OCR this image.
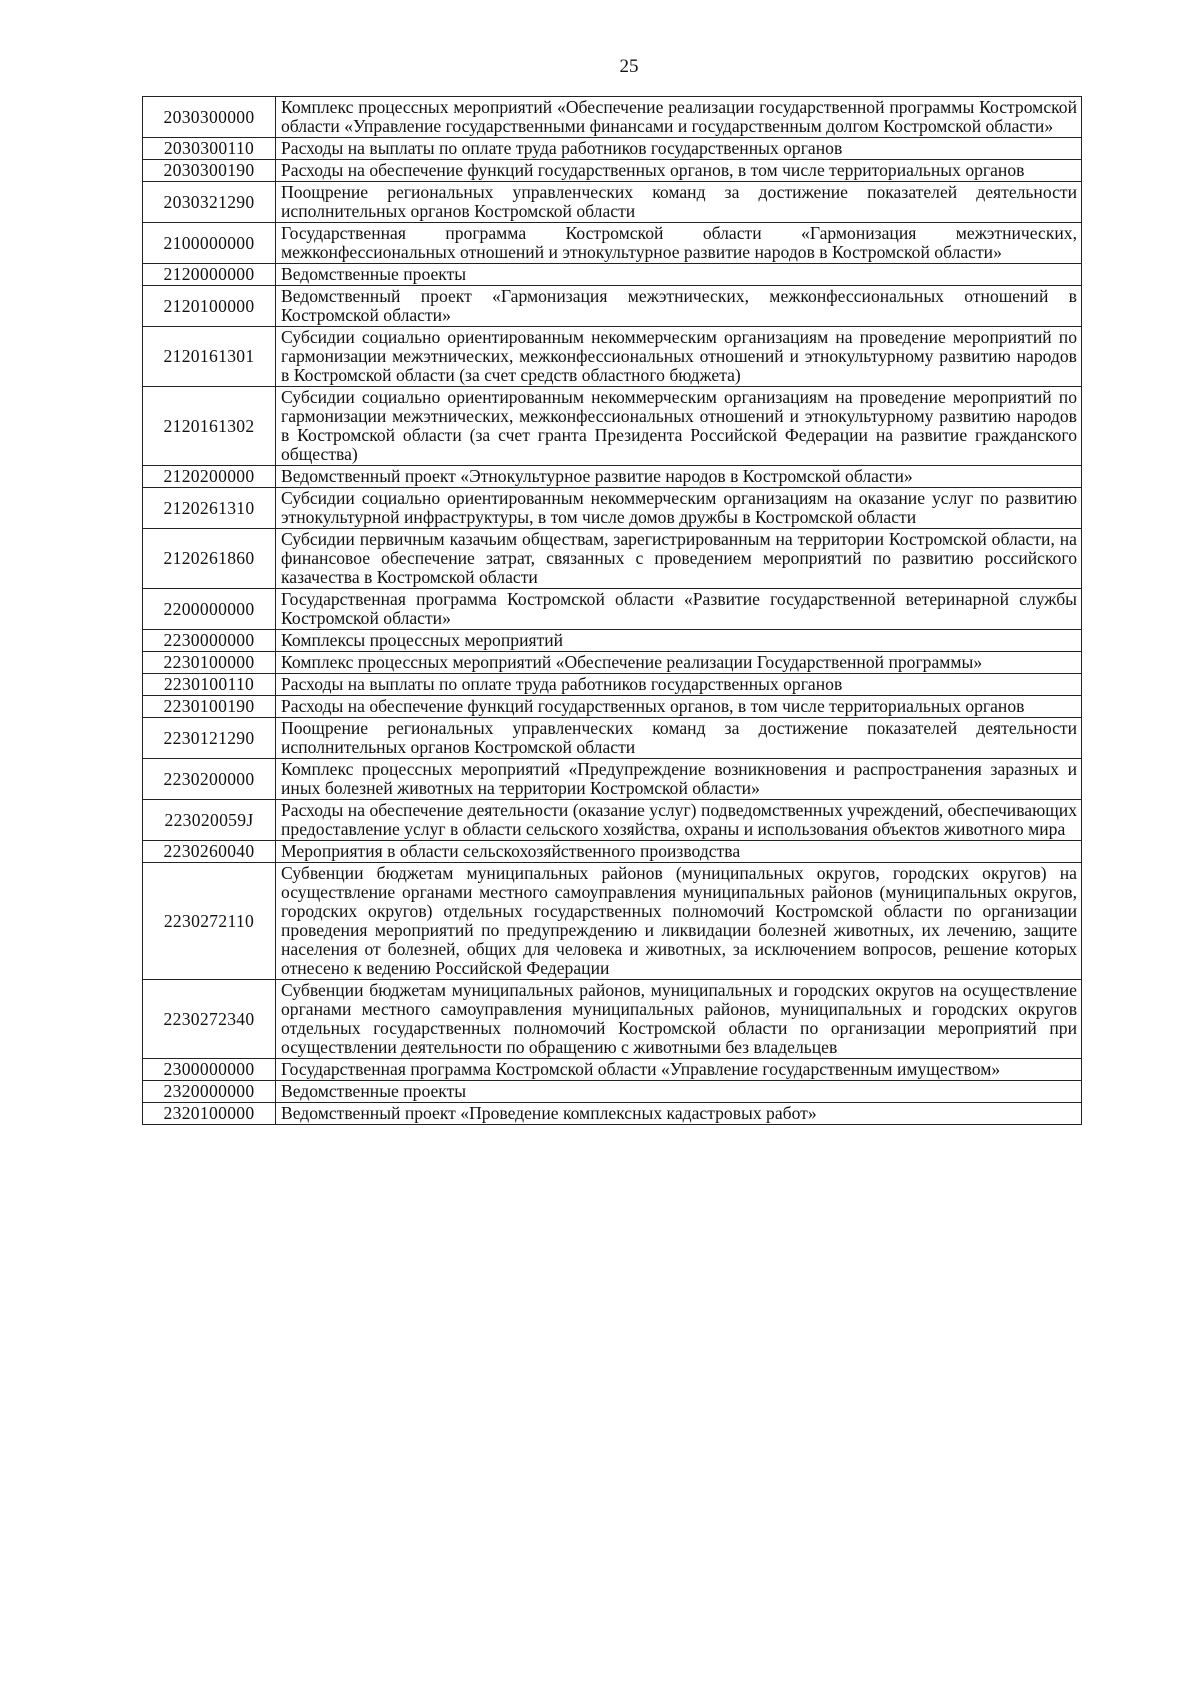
25
2030300000	Комплекс процессных мероприятий «Обеспечение реализации государственной программы Костромской области «Управление государственными финансами и государственным долгом Костромской области»
2030300110	Расходы на выплаты по оплате труда работников государственных органов
2030300190	Расходы на обеспечение функций государственных органов, в том числе территориальных органов
2030321290	Поощрение региональных управленческих команд за достижение показателей деятельности исполнительных органов Костромской области
2100000000	Государственная программа Костромской области «Гармонизация межэтнических, межконфессиональных отношений и этнокультурное развитие народов в Костромской области»
2120000000	Ведомственные проекты
2120100000	Ведомственный проект «Гармонизация межэтнических, межконфессиональных отношений в Костромской области»
2120161301	Субсидии социально ориентированным некоммерческим организациям на проведение мероприятий по гармонизации межэтнических, межконфессиональных отношений и этнокультурному развитию народов в Костромской области (за счет средств областного бюджета)
2120161302	Субсидии социально ориентированным некоммерческим организациям на проведение мероприятий по гармонизации межэтнических, межконфессиональных отношений и этнокультурному развитию народов в Костромской области (за счет гранта Президента Российской Федерации на развитие гражданского общества)
2120200000	Ведомственный проект «Этнокультурное развитие народов в Костромской области»
2120261310	Субсидии социально ориентированным некоммерческим организациям на оказание услуг по развитию этнокультурной инфраструктуры, в том числе домов дружбы в Костромской области
2120261860	Субсидии первичным казачьим обществам, зарегистрированным на территории Костромской области, на финансовое обеспечение затрат, связанных с проведением мероприятий по развитию российского казачества в Костромской области
2200000000	Государственная программа Костромской области «Развитие государственной ветеринарной службы Костромской области»
2230000000	Комплексы процессных мероприятий
2230100000	Комплекс процессных мероприятий «Обеспечение реализации Государственной программы»
2230100110	Расходы на выплаты по оплате труда работников государственных органов
2230100190	Расходы на обеспечение функций государственных органов, в том числе территориальных органов
2230121290	Поощрение региональных управленческих команд за достижение показателей деятельности исполнительных органов Костромской области
2230200000	Комплекс процессных мероприятий «Предупреждение возникновения и распространения заразных и иных болезней животных на территории Костромской области»
223020059J	Расходы на обеспечение деятельности (оказание услуг) подведомственных учреждений, обеспечивающих предоставление услуг в области сельского хозяйства, охраны и использования объектов животного мира
2230260040	Мероприятия в области сельскохозяйственного производства
2230272110	Субвенции бюджетам муниципальных районов (муниципальных округов, городских округов) на осуществление органами местного самоуправления муниципальных районов (муниципальных округов, городских округов) отдельных государственных полномочий Костромской области по организации проведения мероприятий по предупреждению и ликвидации болезней животных, их лечению, защите населения от болезней, общих для человека и животных, за исключением вопросов, решение которых отнесено к ведению Российской Федерации
2230272340	Субвенции бюджетам муниципальных районов, муниципальных и городских округов на осуществление органами местного самоуправления муниципальных районов, муниципальных и городских округов отдельных государственных полномочий Костромской области по организации мероприятий при осуществлении деятельности по обращению с животными без владельцев
2300000000	Государственная программа Костромской области «Управление государственным имуществом»
2320000000	Ведомственные проекты
2320100000	Ведомственный проект «Проведение комплексных кадастровых работ»
